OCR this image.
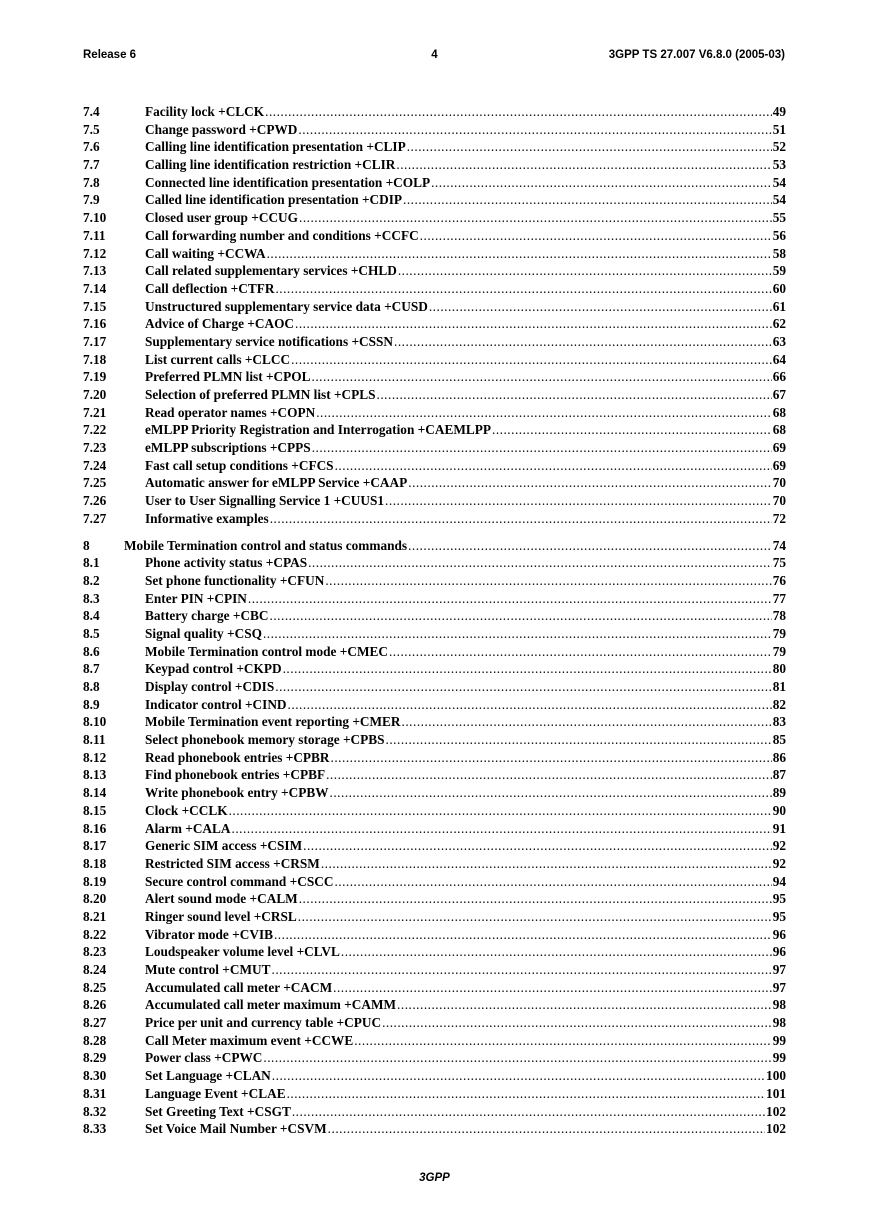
Release 6	4	3GPP TS 27.007 V6.8.0 (2005-03)
7.4	Facility lock +CLCK .....	49
7.5	Change password +CPWD .....	51
7.6	Calling line identification presentation +CLIP .....	52
7.7	Calling line identification restriction +CLIR .....	53
7.8	Connected line identification presentation +COLP .....	54
7.9	Called line identification presentation +CDIP .....	54
7.10	Closed user group +CCUG .....	55
7.11	Call forwarding number and conditions +CCFC .....	56
7.12	Call waiting +CCWA .....	58
7.13	Call related supplementary services +CHLD .....	59
7.14	Call deflection +CTFR .....	60
7.15	Unstructured supplementary service data +CUSD .....	61
7.16	Advice of Charge +CAOC .....	62
7.17	Supplementary service notifications +CSSN .....	63
7.18	List current calls +CLCC .....	64
7.19	Preferred PLMN list +CPOL .....	66
7.20	Selection of preferred PLMN list +CPLS .....	67
7.21	Read operator names +COPN .....	68
7.22	eMLPP Priority Registration and Interrogation +CAEMLPP .....	68
7.23	eMLPP subscriptions +CPPS .....	69
7.24	Fast call setup conditions +CFCS .....	69
7.25	Automatic answer for eMLPP Service +CAAP .....	70
7.26	User to User Signalling Service 1 +CUUS1 .....	70
7.27	Informative examples .....	72
8	Mobile Termination control and status commands .....	74
8.1	Phone activity status +CPAS .....	75
8.2	Set phone functionality +CFUN .....	76
8.3	Enter PIN +CPIN .....	77
8.4	Battery charge +CBC .....	78
8.5	Signal quality +CSQ .....	79
8.6	Mobile Termination control mode +CMEC .....	79
8.7	Keypad control +CKPD .....	80
8.8	Display control +CDIS .....	81
8.9	Indicator control +CIND .....	82
8.10	Mobile Termination event reporting +CMER .....	83
8.11	Select phonebook memory storage +CPBS .....	85
8.12	Read phonebook entries +CPBR .....	86
8.13	Find phonebook entries +CPBF .....	87
8.14	Write phonebook entry +CPBW .....	89
8.15	Clock +CCLK .....	90
8.16	Alarm +CALA .....	91
8.17	Generic SIM access +CSIM .....	92
8.18	Restricted SIM access +CRSM .....	92
8.19	Secure control command +CSCC .....	94
8.20	Alert sound mode +CALM .....	95
8.21	Ringer sound level +CRSL .....	95
8.22	Vibrator mode +CVIB .....	96
8.23	Loudspeaker volume level +CLVL .....	96
8.24	Mute control +CMUT .....	97
8.25	Accumulated call meter +CACM .....	97
8.26	Accumulated call meter maximum +CAMM .....	98
8.27	Price per unit and currency table +CPUC .....	98
8.28	Call Meter maximum event +CCWE .....	99
8.29	Power class +CPWC .....	99
8.30	Set Language +CLAN .....	100
8.31	Language Event +CLAE .....	101
8.32	Set Greeting Text +CSGT .....	102
8.33	Set Voice Mail Number +CSVM .....	102
3GPP
